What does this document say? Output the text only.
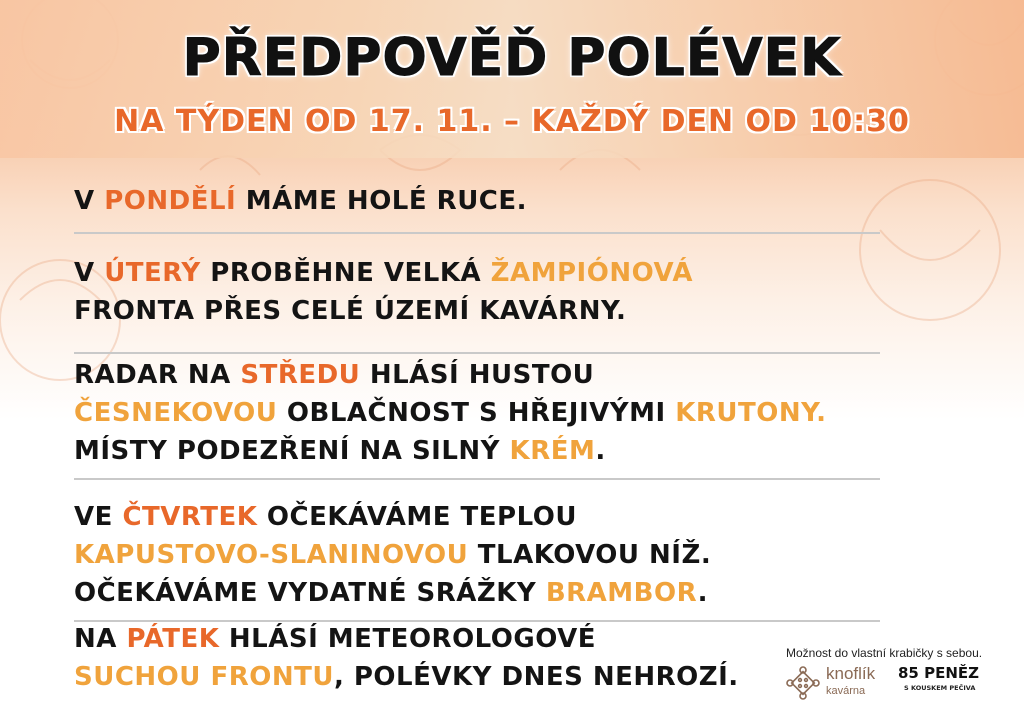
PŘEDPOVĚĎ POLÉVEK
NA TÝDEN OD 17. 11. – KAŽDÝ DEN OD 10:30
V PONDĚLÍ MÁME HOLÉ RUCE.
V ÚTERÝ PROBĚHNE VELKÁ ŽAMPIÓNOVÁ
FRONTA PŘES CELÉ ÚZEMÍ KAVÁRNY.
RADAR NA STŘEDU HLÁSÍ HUSTOU
ČESNEKOVOU OBLAČNOST S HŘEJIVÝMI KRUTONY.
MÍSTY PODEZŘENÍ NA SILNÝ KRÉM.
VE ČTVRTEK OČEKÁVÁME TEPLOU
KAPUSTOVO-SLANINOVOU TLAKOVOU NÍŽ.
OČEKÁVÁME VYDATNÉ SRÁŽKY BRAMBOR.
NA PÁTEK HLÁSÍ METEOROLOGOVÉ
SUCHOU FRONTU, POLÉVKY DNES NEHROZÍ.
Možnost do vlastní krabičky s sebou.
knoflík
kavárna
85 PENĚZ
S KOUSKEM PEČIVA
